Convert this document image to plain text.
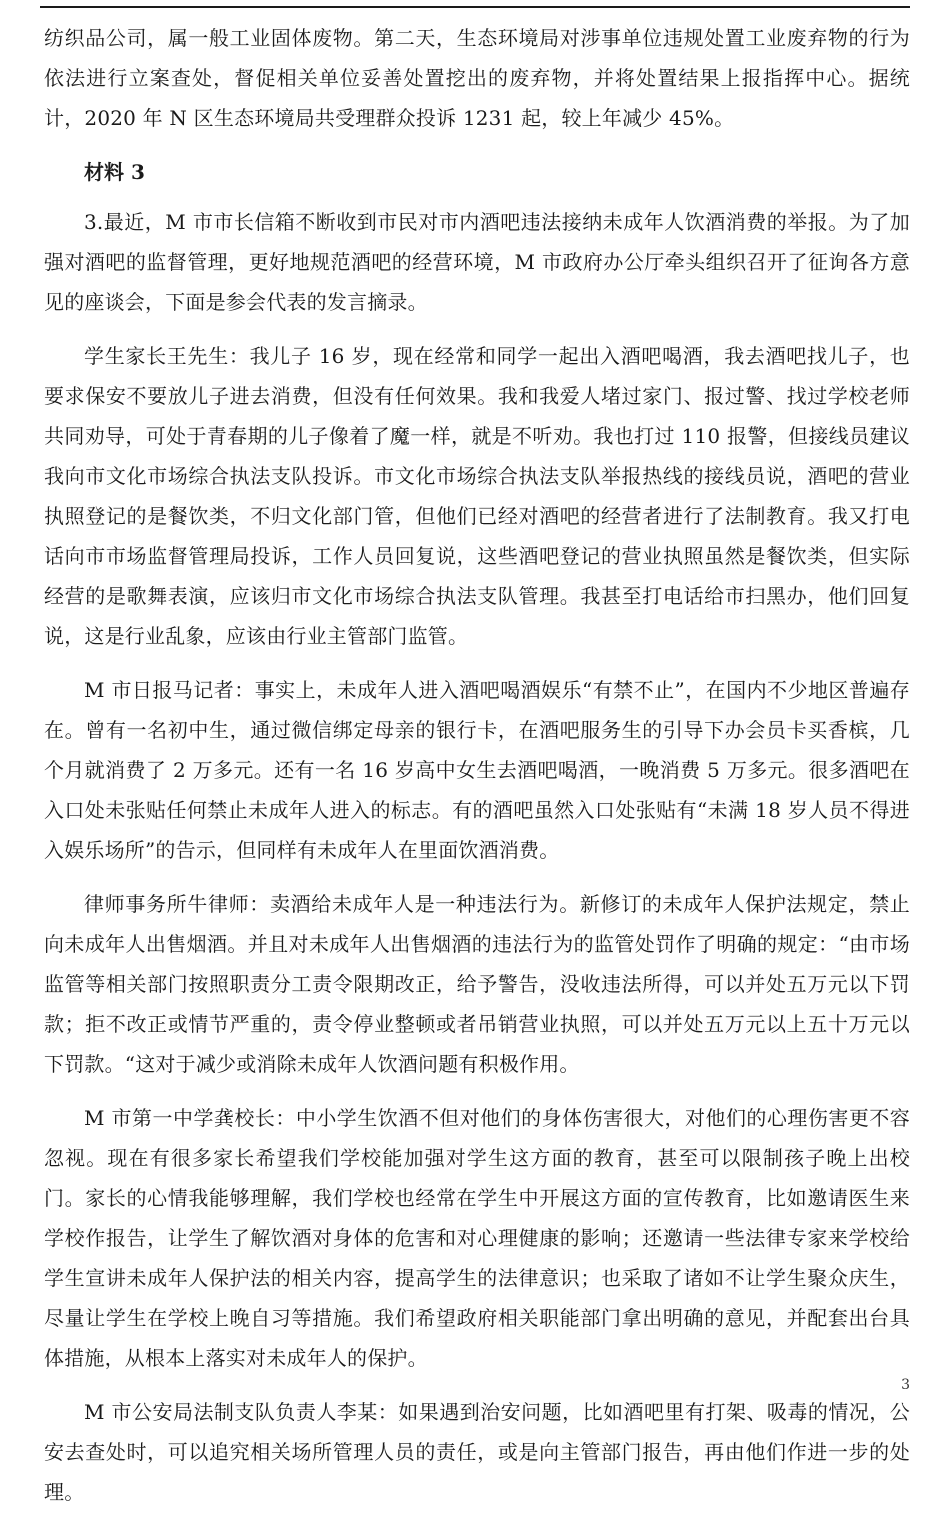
纺织品公司，属一般工业固体废物。第二天，生态环境局对涉事单位违规处置工业废弃物的行为依法进行立案查处，督促相关单位妥善处置挖出的废弃物，并将处置结果上报指挥中心。据统计，2020 年 N 区生态环境局共受理群众投诉 1231 起，较上年减少 45%。

材料 3

3.最近，M 市市长信箱不断收到市民对市内酒吧违法接纳未成年人饮酒消费的举报。为了加强对酒吧的监督管理，更好地规范酒吧的经营环境，M 市政府办公厅牵头组织召开了征询各方意见的座谈会，下面是参会代表的发言摘录。

学生家长王先生：我儿子 16 岁，现在经常和同学一起出入酒吧喝酒，我去酒吧找儿子，也要求保安不要放儿子进去消费，但没有任何效果。我和我爱人堵过家门、报过警、找过学校老师共同劝导，可处于青春期的儿子像着了魔一样，就是不听劝。我也打过 110 报警，但接线员建议我向市文化市场综合执法支队投诉。市文化市场综合执法支队举报热线的接线员说，酒吧的营业执照登记的是餐饮类，不归文化部门管，但他们已经对酒吧的经营者进行了法制教育。我又打电话向市市场监督管理局投诉，工作人员回复说，这些酒吧登记的营业执照虽然是餐饮类，但实际经营的是歌舞表演，应该归市文化市场综合执法支队管理。我甚至打电话给市扫黑办，他们回复说，这是行业乱象，应该由行业主管部门监管。

M 市日报马记者：事实上，未成年人进入酒吧喝酒娱乐“有禁不止”，在国内不少地区普遍存在。曾有一名初中生，通过微信绑定母亲的银行卡，在酒吧服务生的引导下办会员卡买香槟，几个月就消费了 2 万多元。还有一名 16 岁高中女生去酒吧喝酒，一晚消费 5 万多元。很多酒吧在入口处未张贴任何禁止未成年人进入的标志。有的酒吧虽然入口处张贴有“未满 18 岁人员不得进入娱乐场所”的告示，但同样有未成年人在里面饮酒消费。

律师事务所牛律师：卖酒给未成年人是一种违法行为。新修订的未成年人保护法规定，禁止向未成年人出售烟酒。并且对未成年人出售烟酒的违法行为的监管处罚作了明确的规定：“由市场监管等相关部门按照职责分工责令限期改正，给予警告，没收违法所得，可以并处五万元以下罚款；拒不改正或情节严重的，责令停业整顿或者吊销营业执照，可以并处五万元以上五十万元以下罚款。“这对于减少或消除未成年人饮酒问题有积极作用。

M 市第一中学龚校长：中小学生饮酒不但对他们的身体伤害很大，对他们的心理伤害更不容忽视。现在有很多家长希望我们学校能加强对学生这方面的教育，甚至可以限制孩子晚上出校门。家长的心情我能够理解，我们学校也经常在学生中开展这方面的宣传教育，比如邀请医生来学校作报告，让学生了解饮酒对身体的危害和对心理健康的影响；还邀请一些法律专家来学校给学生宣讲未成年人保护法的相关内容，提高学生的法律意识；也采取了诸如不让学生聚众庆生，尽量让学生在学校上晚自习等措施。我们希望政府相关职能部门拿出明确的意见，并配套出台具体措施，从根本上落实对未成年人的保护。

M 市公安局法制支队负责人李某：如果遇到治安问题，比如酒吧里有打架、吸毒的情况，公安去查处时，可以追究相关场所管理人员的责任，或是向主管部门报告，再由他们作进一步的处理。

3
